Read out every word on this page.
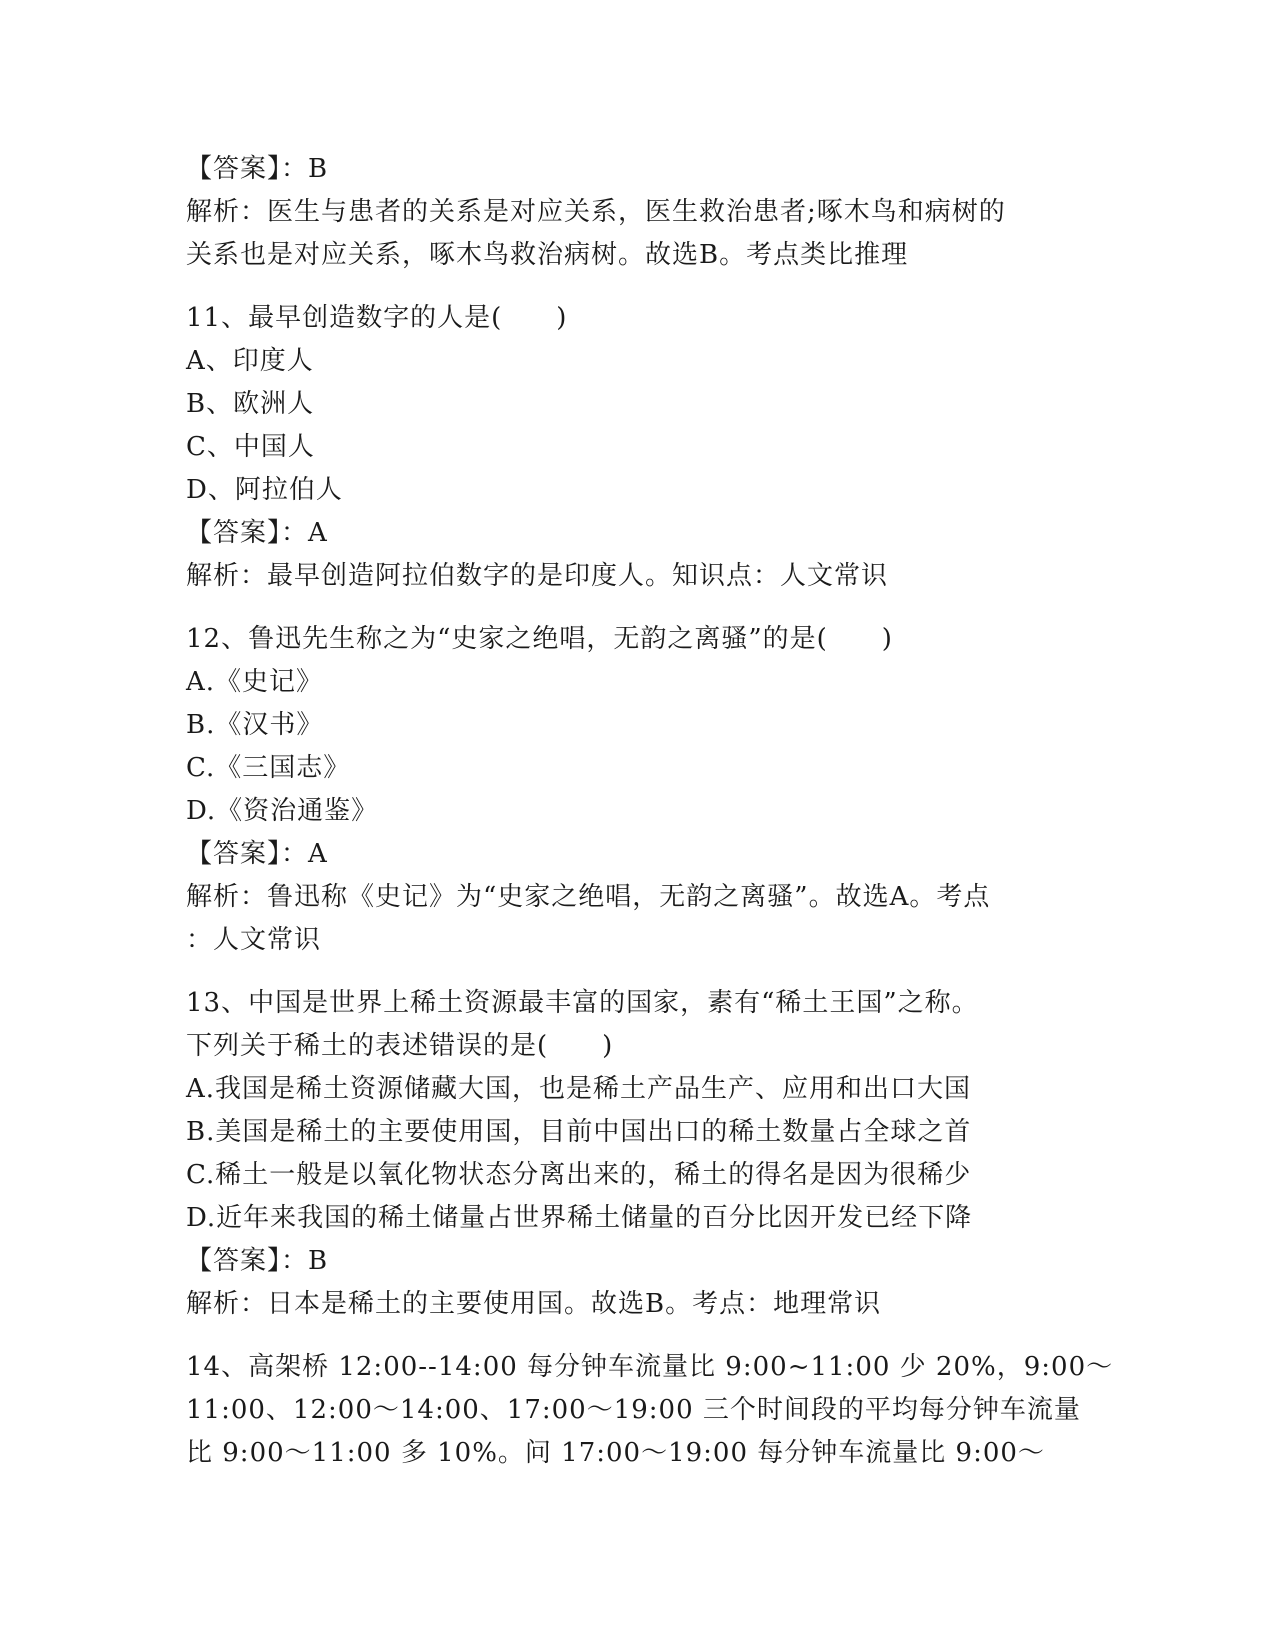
【答案】：B
解析：医生与患者的关系是对应关系，医生救治患者;啄木鸟和病树的
关系也是对应关系，啄木鸟救治病树。故选B。考点类比推理
11、最早创造数字的人是(　　)
A、印度人
B、欧洲人
C、中国人
D、阿拉伯人
【答案】：A
解析：最早创造阿拉伯数字的是印度人。知识点：人文常识
12、鲁迅先生称之为“史家之绝唱，无韵之离骚”的是(　　)
A.《史记》
B.《汉书》
C.《三国志》
D.《资治通鉴》
【答案】：A
解析：鲁迅称《史记》为“史家之绝唱，无韵之离骚”。故选A。考点
：人文常识
13、中国是世界上稀土资源最丰富的国家，素有“稀土王国”之称。
下列关于稀土的表述错误的是(　　)
A.我国是稀土资源储藏大国，也是稀土产品生产、应用和出口大国
B.美国是稀土的主要使用国，目前中国出口的稀土数量占全球之首
C.稀土一般是以氧化物状态分离出来的，稀土的得名是因为很稀少
D.近年来我国的稀土储量占世界稀土储量的百分比因开发已经下降
【答案】：B
解析：日本是稀土的主要使用国。故选B。考点：地理常识
14、高架桥 12:00--14:00 每分钟车流量比 9:00~11:00 少 20%，9:00～
11:00、12:00～14:00、17:00～19:00 三个时间段的平均每分钟车流量
比 9:00～11:00 多 10%。问 17:00～19:00 每分钟车流量比 9:00～
